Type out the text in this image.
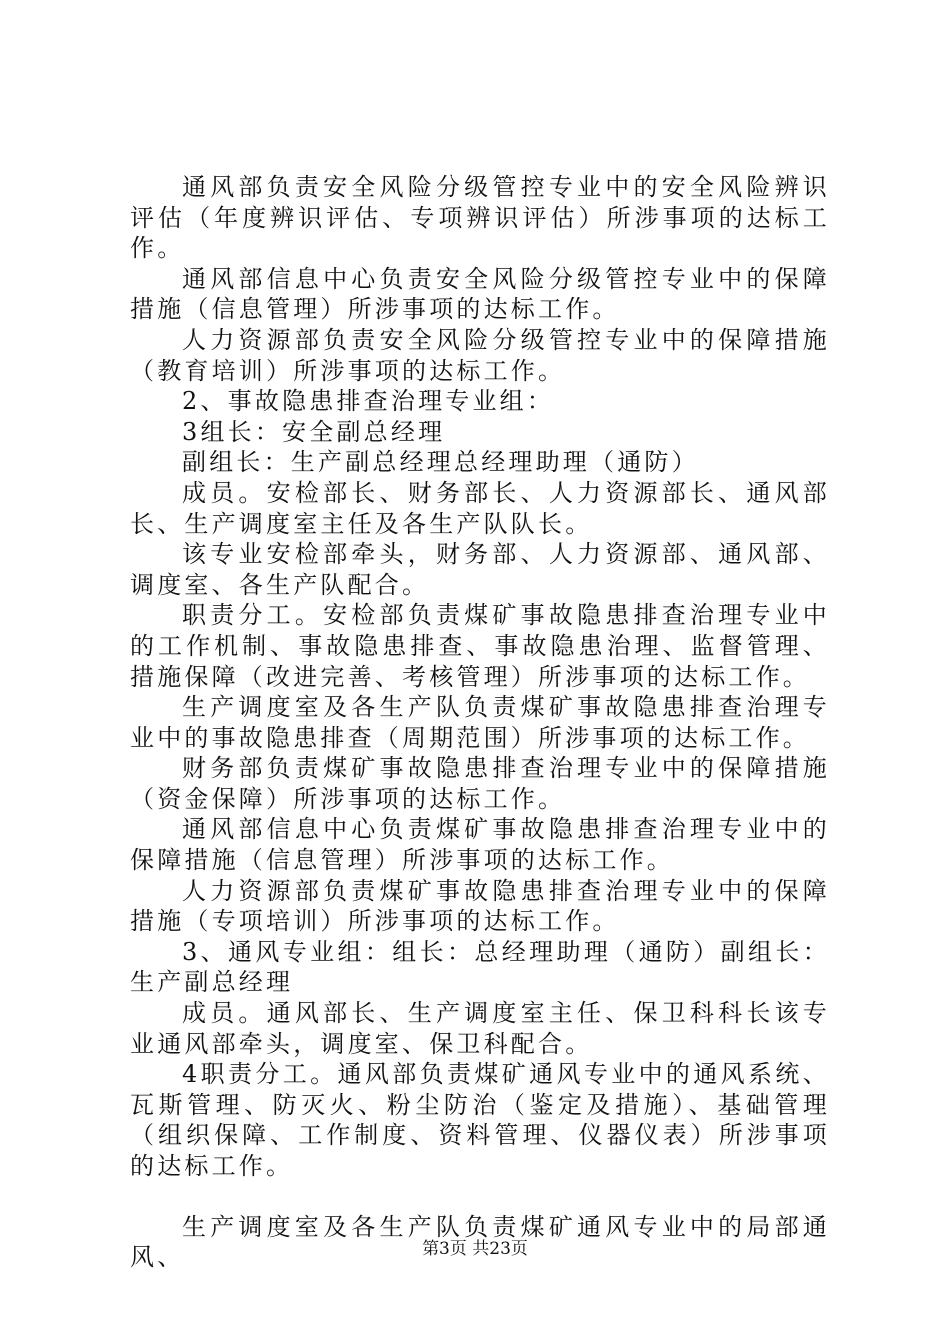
通风部负责安全风险分级管控专业中的安全风险辨识评估（年度辨识评估、专项辨识评估）所涉事项的达标工作。

通风部信息中心负责安全风险分级管控专业中的保障措施（信息管理）所涉事项的达标工作。

人力资源部负责安全风险分级管控专业中的保障措施（教育培训）所涉事项的达标工作。

2、事故隐患排查治理专业组：

3组长：安全副总经理

副组长：生产副总经理总经理助理（通防）

成员。安检部长、财务部长、人力资源部长、通风部长、生产调度室主任及各生产队队长。

该专业安检部牵头，财务部、人力资源部、通风部、调度室、各生产队配合。

职责分工。安检部负责煤矿事故隐患排查治理专业中的工作机制、事故隐患排查、事故隐患治理、监督管理、措施保障（改进完善、考核管理）所涉事项的达标工作。

生产调度室及各生产队负责煤矿事故隐患排查治理专业中的事故隐患排查（周期范围）所涉事项的达标工作。

财务部负责煤矿事故隐患排查治理专业中的保障措施（资金保障）所涉事项的达标工作。

通风部信息中心负责煤矿事故隐患排查治理专业中的保障措施（信息管理）所涉事项的达标工作。

人力资源部负责煤矿事故隐患排查治理专业中的保障措施（专项培训）所涉事项的达标工作。

3、通风专业组：组长：总经理助理（通防）副组长：生产副总经理

成员。通风部长、生产调度室主任、保卫科科长该专业通风部牵头，调度室、保卫科配合。

4职责分工。通风部负责煤矿通风专业中的通风系统、瓦斯管理、防灭火、粉尘防治（鉴定及措施）、基础管理（组织保障、工作制度、资料管理、仪器仪表）所涉事项的达标工作。

生产调度室及各生产队负责煤矿通风专业中的局部通风、	第3页 共23页
